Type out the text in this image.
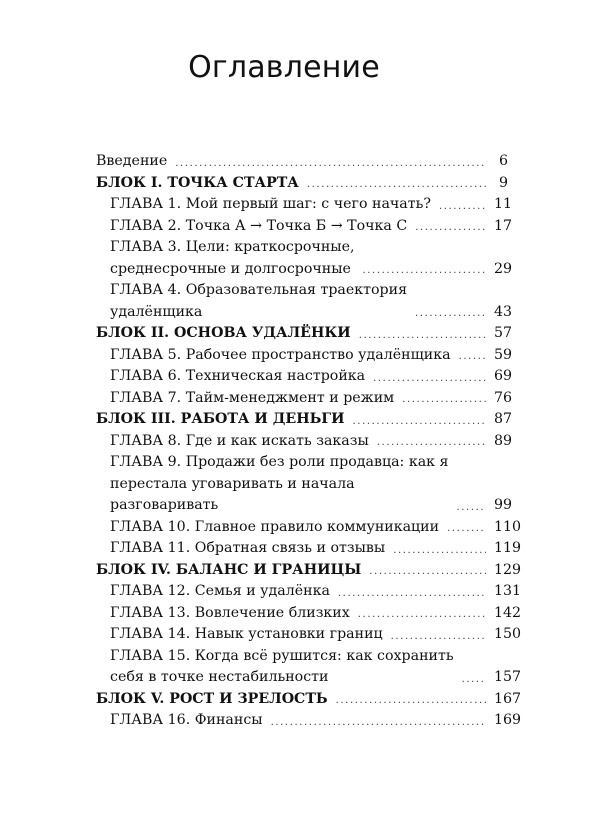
Оглавление
Введение .....	6
БЛОК I. ТОЧКА СТАРТА .....	9
ГЛАВА 1. Мой первый шаг: с чего начать? .....	11
ГЛАВА 2. Точка А → Точка Б → Точка С .....	17
ГЛАВА 3. Цели: краткосрочные,
среднесрочные и долгосрочные .....	29
ГЛАВА 4. Образовательная траектория
удалёнщика .....	43
БЛОК II. ОСНОВА УДАЛЁНКИ .....	57
ГЛАВА 5. Рабочее пространство удалёнщика .....	59
ГЛАВА 6. Техническая настройка .....	69
ГЛАВА 7. Тайм-менеджмент и режим .....	76
БЛОК III. РАБОТА И ДЕНЬГИ .....	87
ГЛАВА 8. Где и как искать заказы .....	89
ГЛАВА 9. Продажи без роли продавца: как я
перестала уговаривать и начала
разговаривать .....	99
ГЛАВА 10. Главное правило коммуникации .....	110
ГЛАВА 11. Обратная связь и отзывы .....	119
БЛОК IV. БАЛАНС И ГРАНИЦЫ .....	129
ГЛАВА 12. Семья и удалёнка .....	131
ГЛАВА 13. Вовлечение близких .....	142
ГЛАВА 14. Навык установки границ .....	150
ГЛАВА 15. Когда всё рушится: как сохранить
себя в точке нестабильности .....	157
БЛОК V. РОСТ И ЗРЕЛОСТЬ .....	167
ГЛАВА 16. Финансы .....	169
